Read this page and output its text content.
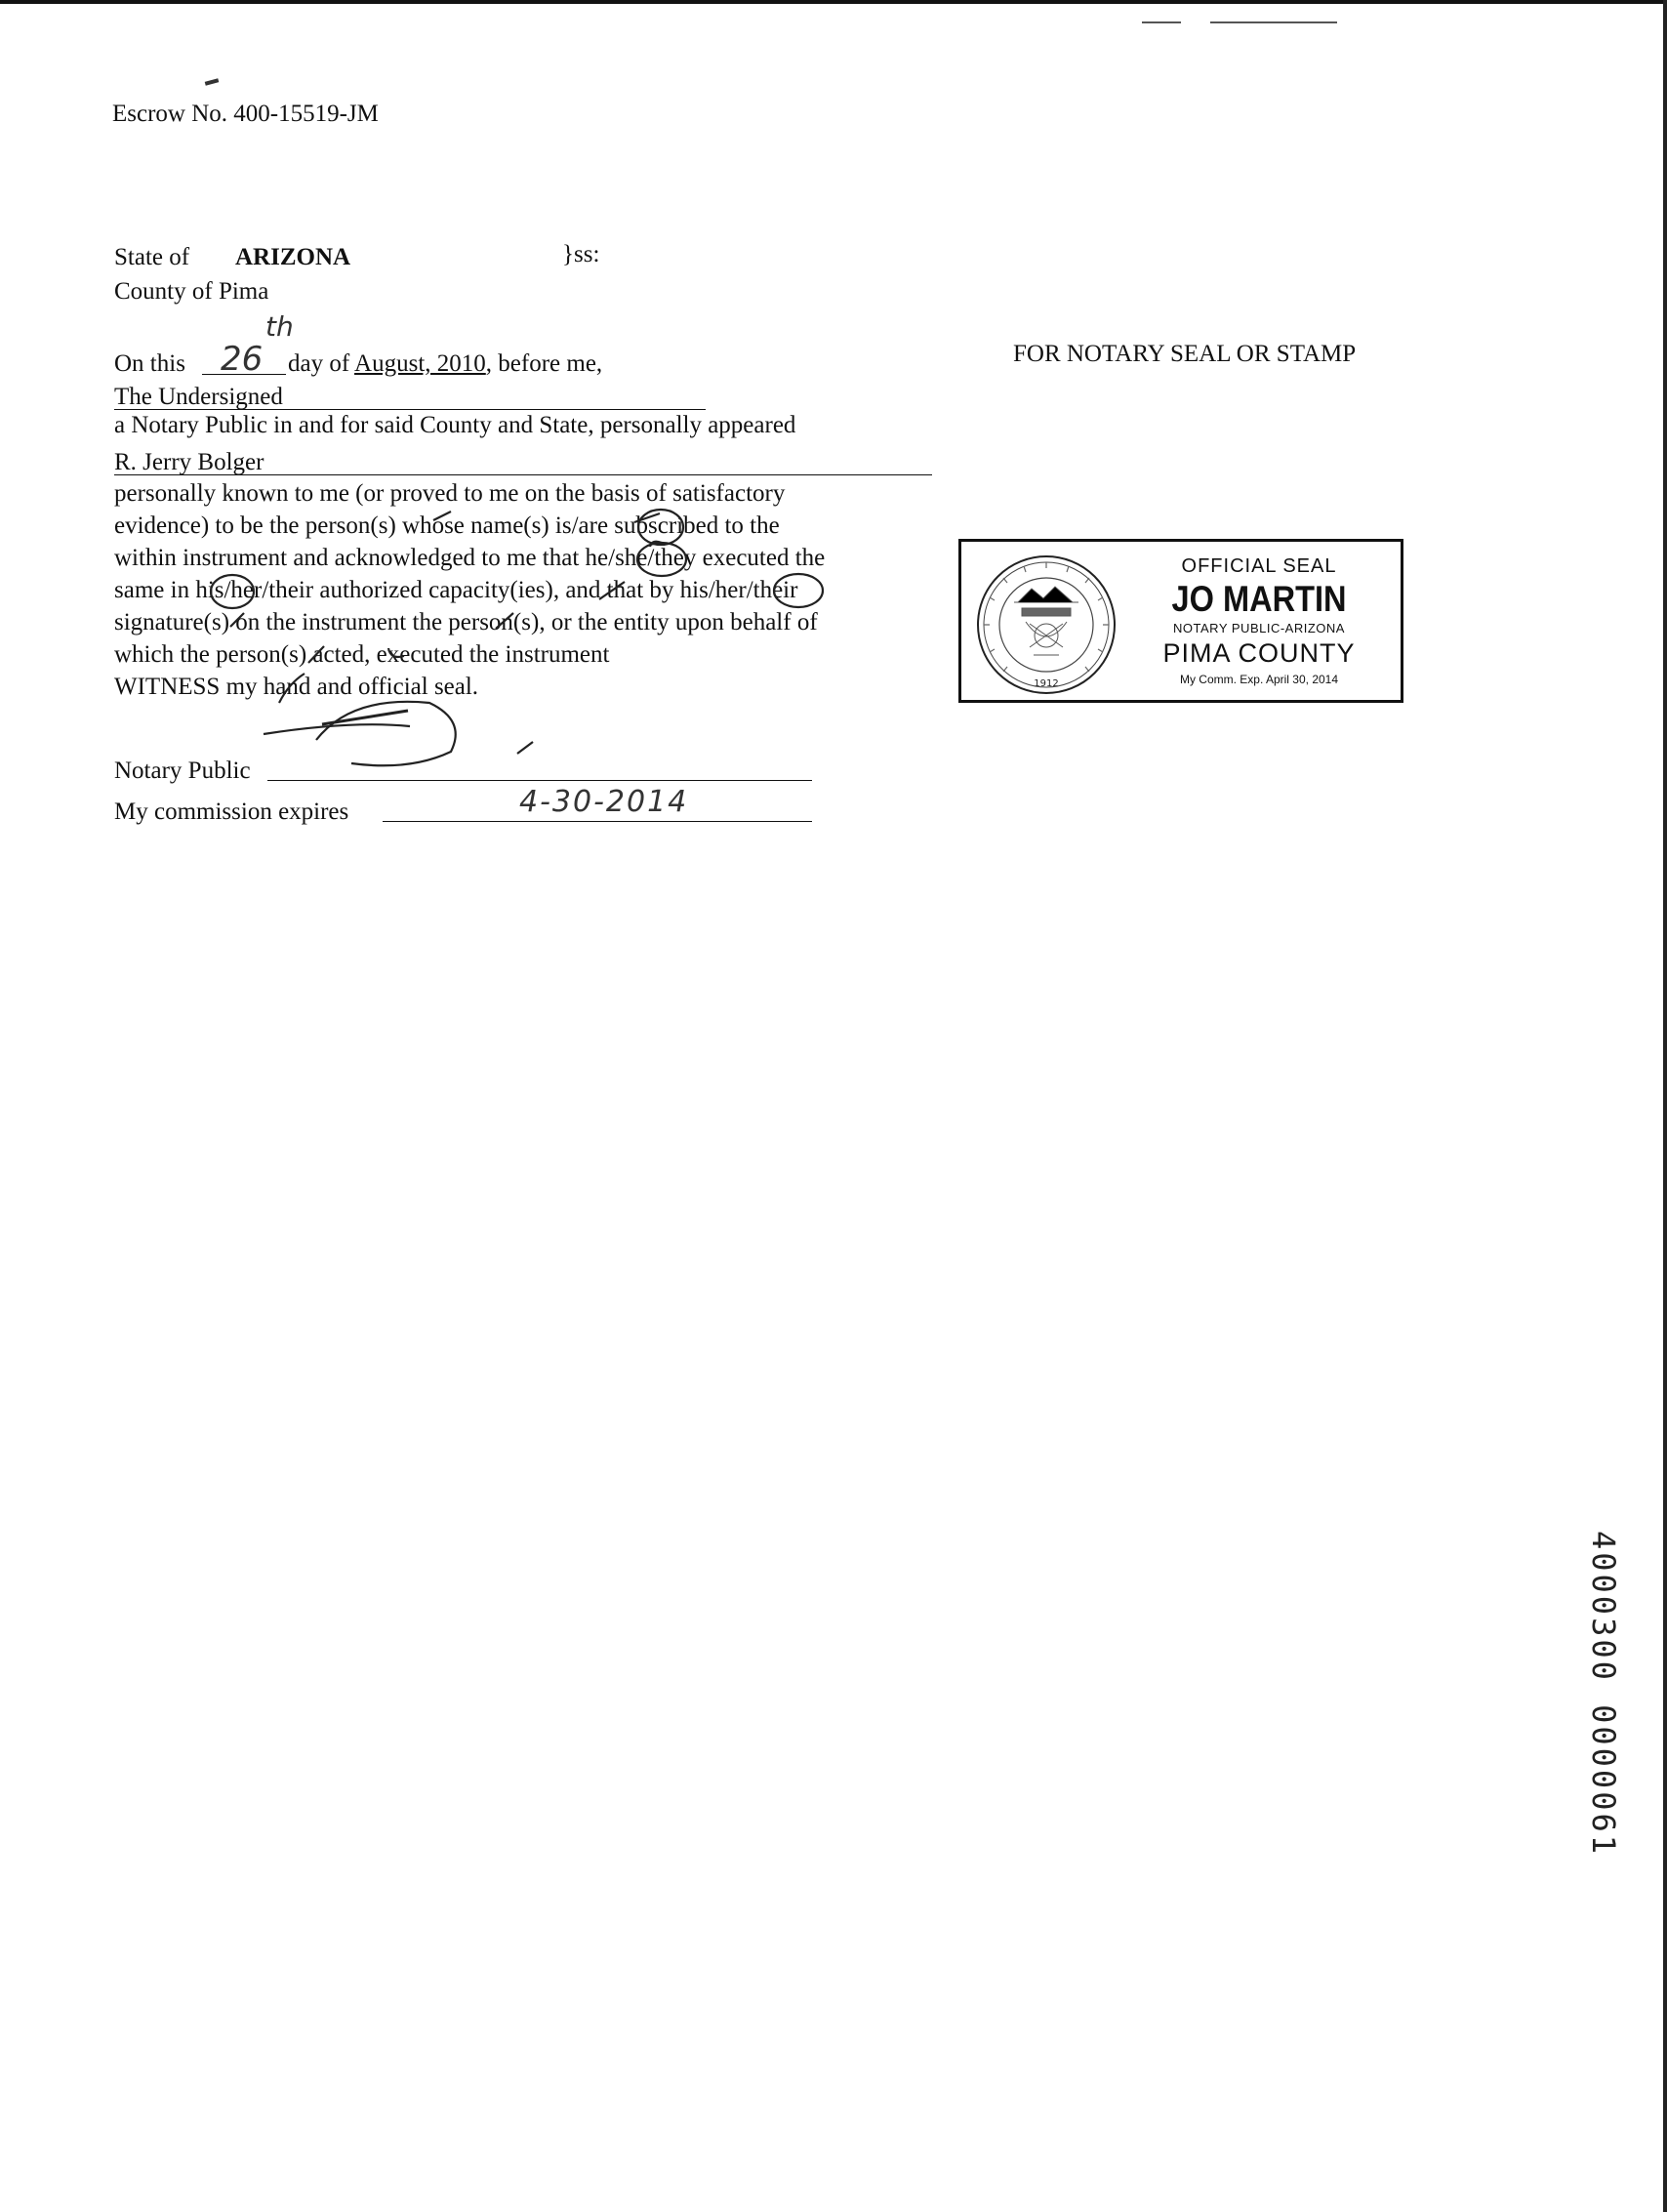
Escrow No. 400-15519-JM
State of ARIZONA	}ss:
County of Pima
On this 26
th
day of August, 2010, before me,
The Undersigned
a Notary Public in and for said County and State, personally appeared
R. Jerry Bolger

personally known to me (or proved to me on the basis of satisfactory

evidence) to be the person(s) whose name(s) is/are subscribed to the

within instrument and acknowledged to me that he/she/they executed the

same in his/her/their authorized capacity(ies), and that by his/her/their

signature(s) on the instrument the person(s), or the entity upon behalf of

which the person(s) acted, executed the instrument

WITNESS my hand and official seal.

Notary Public
My commission expires	4-30-2014
FOR NOTARY SEAL OR STAMP
1912
OFFICIAL SEAL
JO MARTIN
NOTARY PUBLIC-ARIZONA
PIMA COUNTY
My Comm. Exp. April 30, 2014
4000300 0000061
